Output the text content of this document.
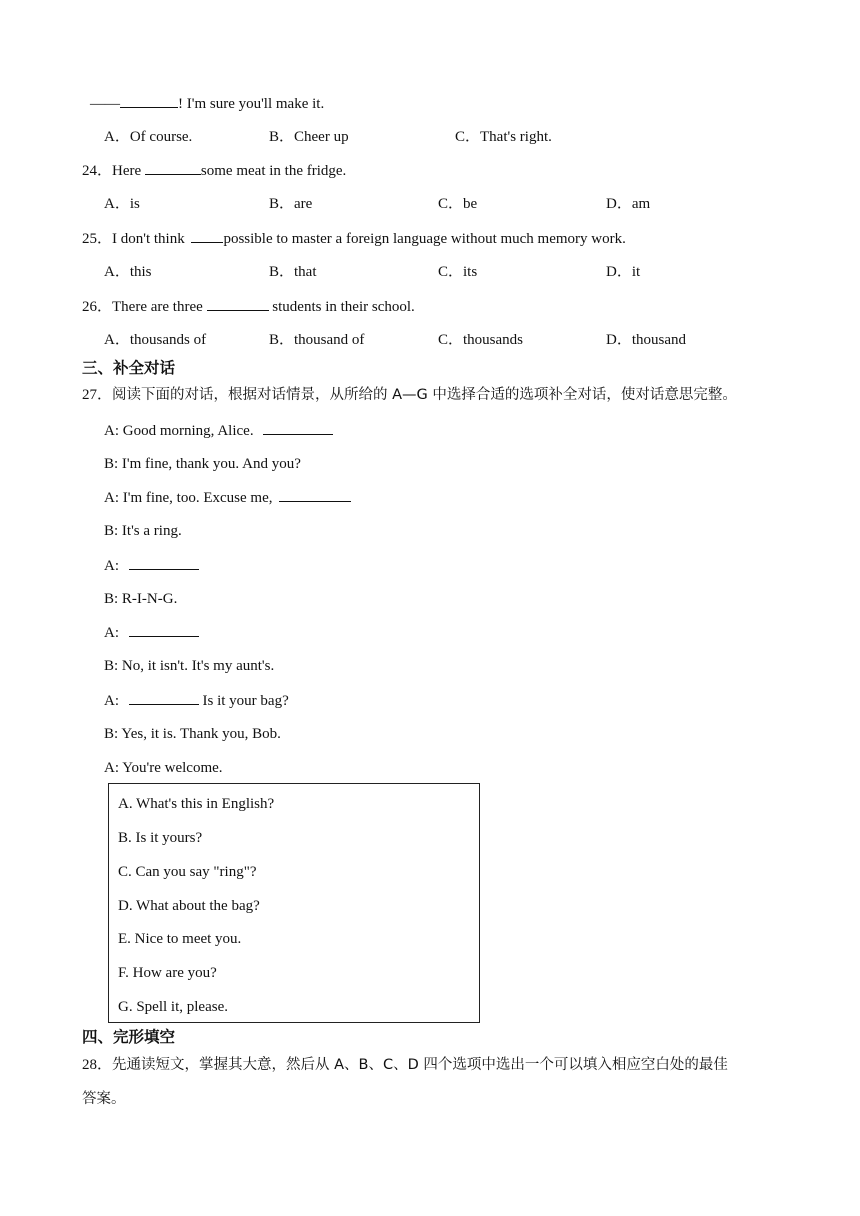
——	! I'm sure you'll make it.
A．Of course.	B．Cheer up	C．That's right.
24．Here	some meat in the fridge.
A．is	B．are	C．be	D．am
25．I don't think possible to master a foreign language without much memory work.
A．this	B．that	C．its	D．it
26．There are three	students in their school.
A．thousands of	B．thousand of	C．thousands	D．thousand
三、补全对话
27．阅读下面的对话，根据对话情景，从所给的 A—G 中选择合适的选项补全对话，使对话意思完整。
A: Good morning, Alice.
B: I'm fine, thank you. And you?
A: I'm fine, too. Excuse me,
B: It's a ring.
A:
B: R-I-N-G.
A:
B: No, it isn't. It's my aunt's.
A:	Is it your bag?
B: Yes, it is. Thank you, Bob.
A: You're welcome.
A. What's this in English?
B. Is it yours?
C. Can you say "ring"?
D. What about the bag?
E. Nice to meet you.
F. How are you?
G. Spell it, please.
四、完形填空
28．先通读短文，掌握其大意，然后从 A、B、C、D 四个选项中选出一个可以填入相应空白处的最佳
答案。
